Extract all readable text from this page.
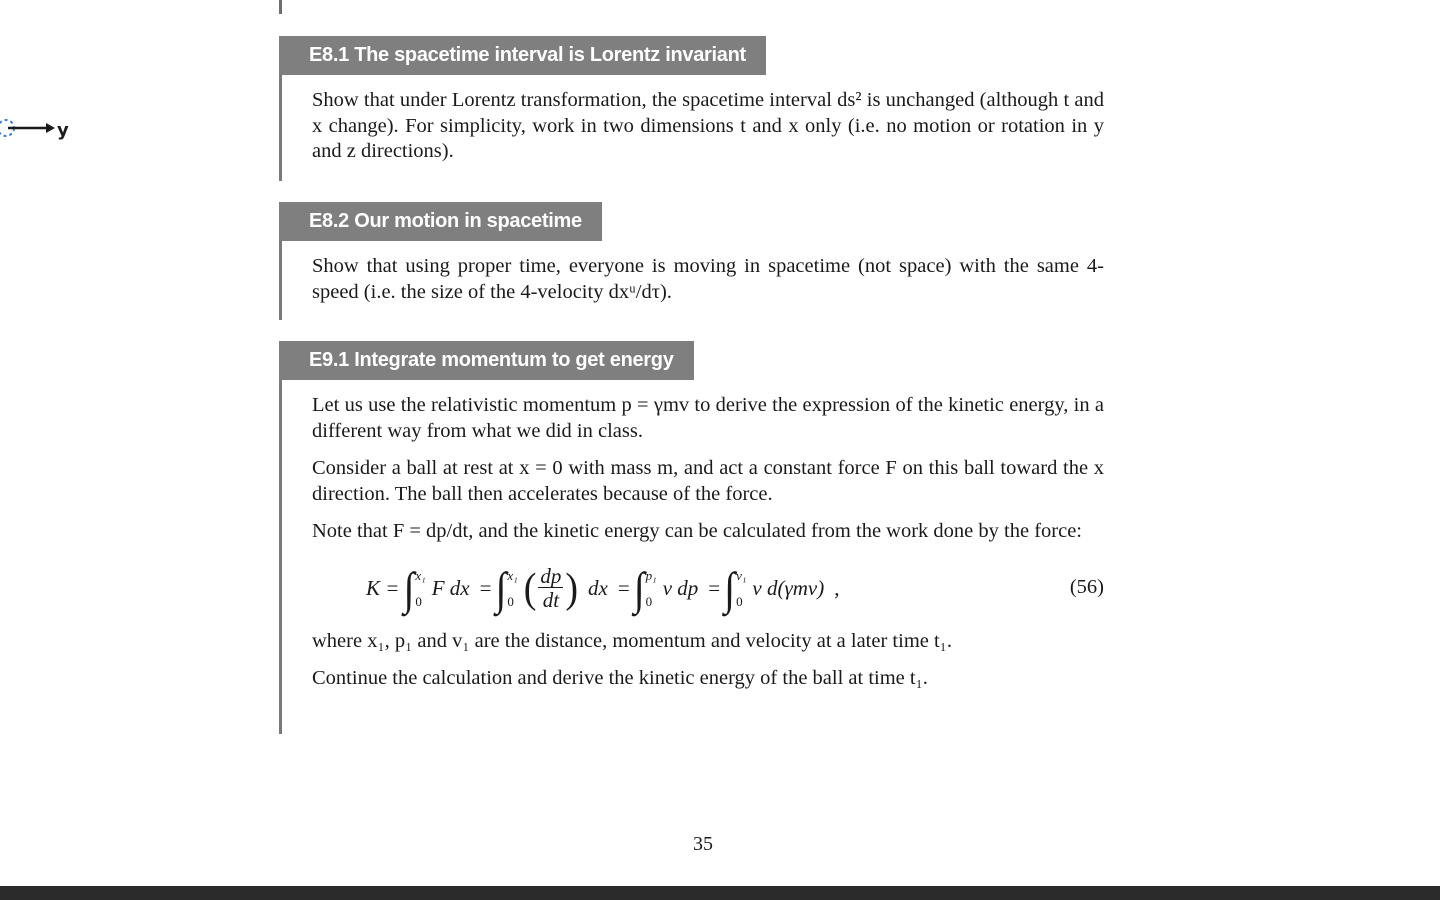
y
E8.1 The spacetime interval is Lorentz invariant

Show that under Lorentz transformation, the spacetime interval ds² is unchanged (although t and x change). For simplicity, work in two dimensions t and x only (i.e. no motion or rotation in y and z directions).

E8.2 Our motion in spacetime

Show that using proper time, everyone is moving in spacetime (not space) with the same 4-speed (i.e. the size of the 4-velocity dxᵘ/dτ).

E9.1 Integrate momentum to get energy

Let us use the relativistic momentum p = γmv to derive the expression of the kinetic energy, in a different way from what we did in class.

Consider a ball at rest at x = 0 with mass m, and act a constant force F on this ball toward the x direction. The ball then accelerates because of the force.

Note that F = dp/dt, and the kinetic energy can be calculated from the work done by the force:

K = ∫ x₁
0
F dx = ∫ x₁
0 ( $\frac{dp}{dt}$ ) dx = ∫ p₁
0
v dp = ∫ v₁
0
v d(γmv) ,	(56)

where x₁, p₁ and v₁ are the distance, momentum and velocity at a later time t₁.

Continue the calculation and derive the kinetic energy of the ball at time t₁.

35
